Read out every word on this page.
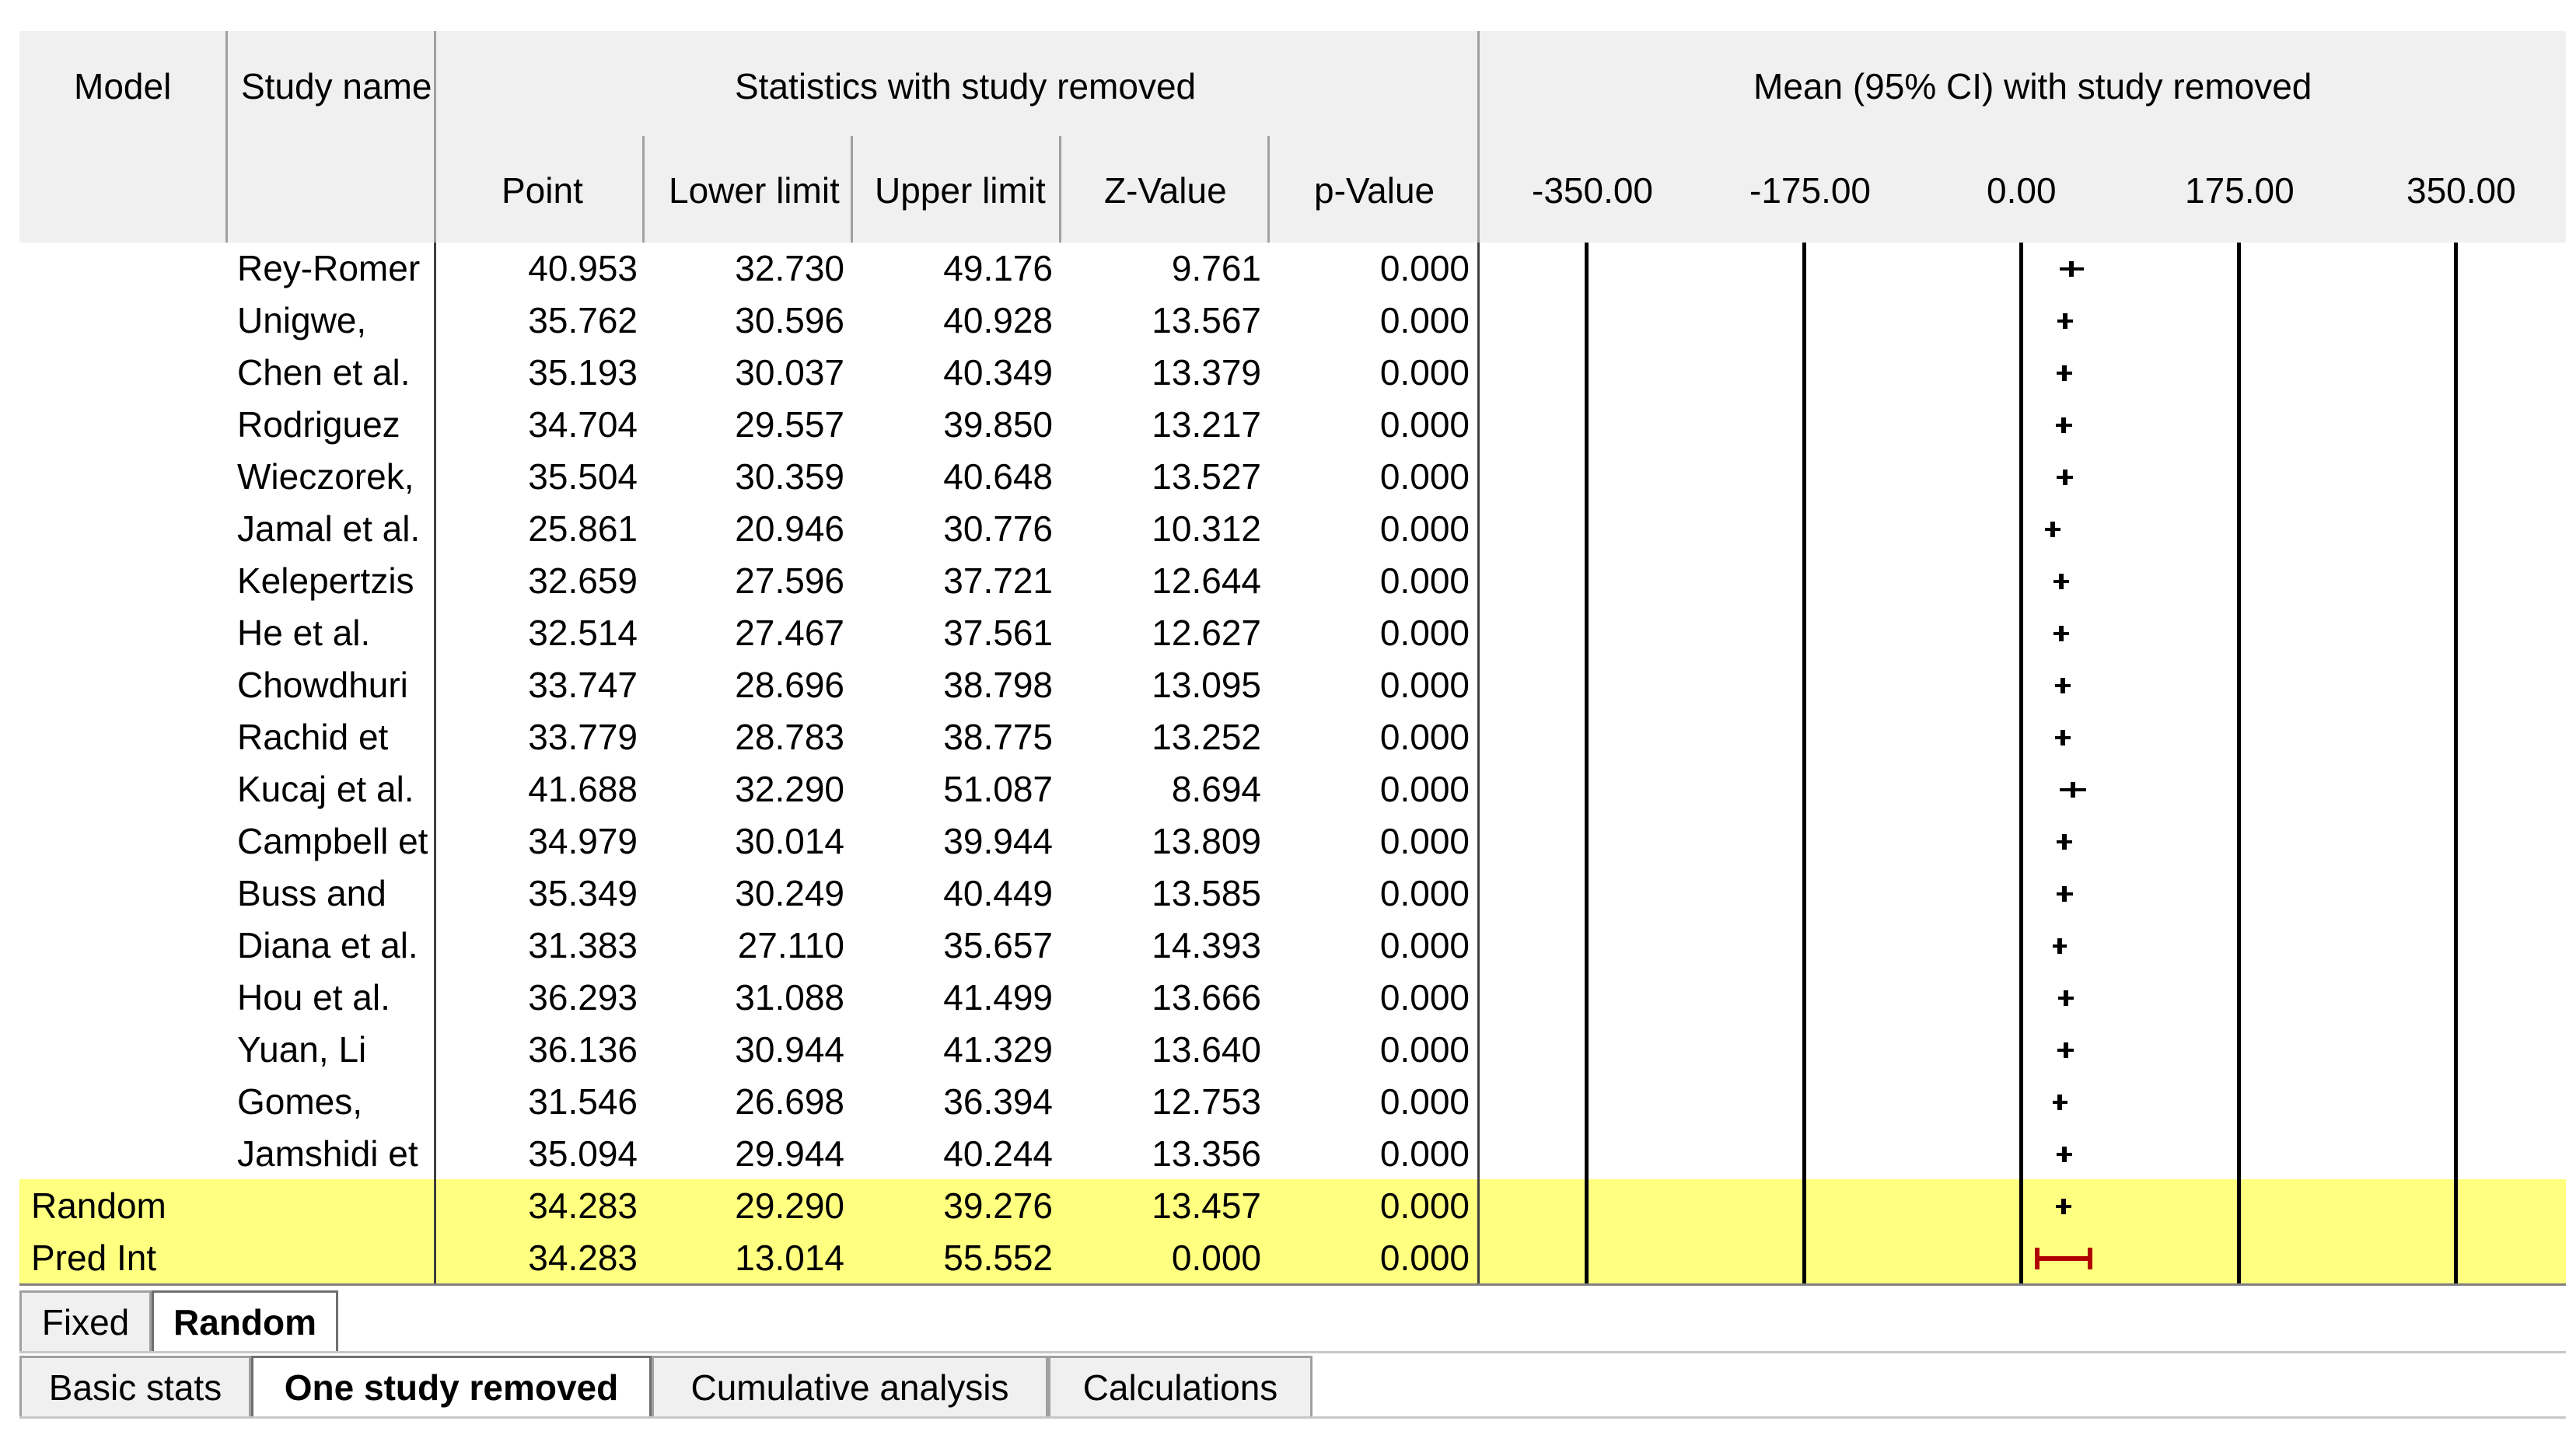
Model Study name	Statistics with study removed	Mean (95% CI) with study removed
Point Lower limit Upper limit Z-Value p-Value	-350.00	-175.00	0.00	175.00	350.00
Rey-Romer	40.953	32.730	49.176	9.761	0.000
Unigwe,	35.762	30.596	40.928	13.567	0.000
Chen et al.	35.193	30.037	40.349	13.379	0.000
Rodriguez	34.704	29.557	39.850	13.217	0.000
Wieczorek,	35.504	30.359	40.648	13.527	0.000
Jamal et al.	25.861	20.946	30.776	10.312	0.000
Kelepertzis	32.659	27.596	37.721	12.644	0.000
He et al.	32.514	27.467	37.561	12.627	0.000
Chowdhuri	33.747	28.696	38.798	13.095	0.000
Rachid et	33.779	28.783	38.775	13.252	0.000
Kucaj et al.	41.688	32.290	51.087	8.694	0.000
Campbell et	34.979	30.014	39.944	13.809	0.000
Buss and	35.349	30.249	40.449	13.585	0.000
Diana et al.	31.383	27.110	35.657	14.393	0.000
Hou et al.	36.293	31.088	41.499	13.666	0.000
Yuan, Li	36.136	30.944	41.329	13.640	0.000
Gomes,	31.546	26.698	36.394	12.753	0.000
Jamshidi et	35.094	29.944	40.244	13.356	0.000
Random	34.283	29.290	39.276	13.457	0.000
Pred Int	34.283	13.014	55.552	0.000	0.000
Fixed	Random
Basic stats	One study removed	Cumulative analysis	Calculations
